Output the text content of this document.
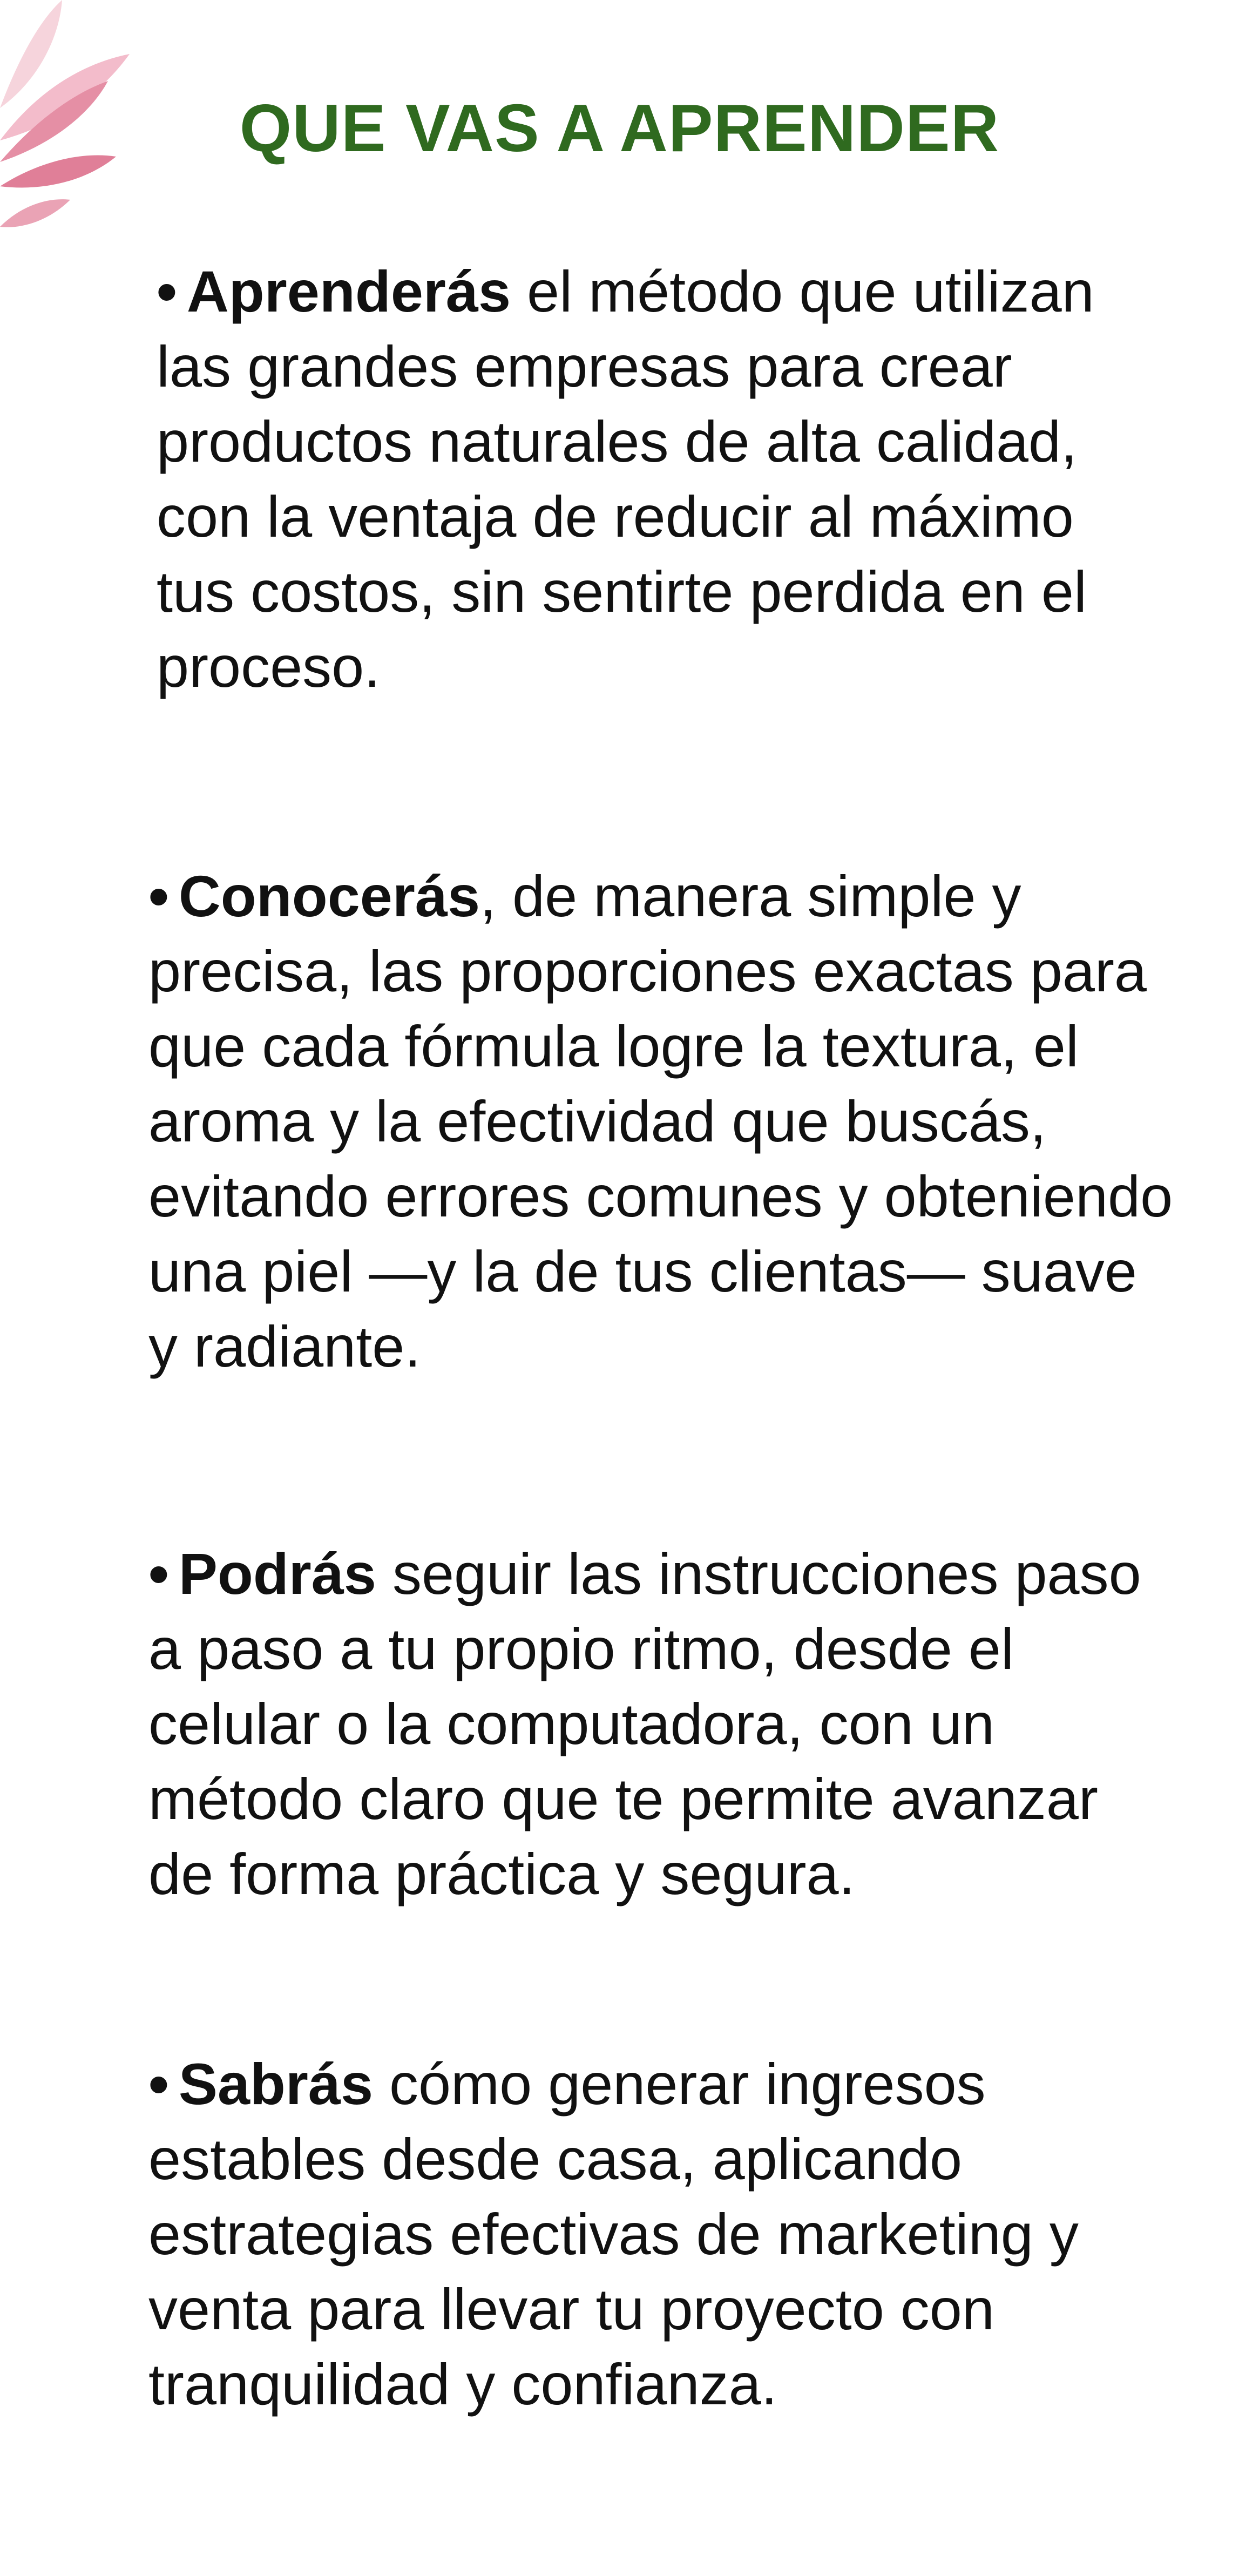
QUE VAS A APRENDER

• Aprenderás el método que utilizan las grandes empresas para crear productos naturales de alta calidad, con la ventaja de reducir al máximo tus costos, sin sentirte perdida en el proceso.

• Conocerás, de manera simple y precisa, las proporciones exactas para que cada fórmula logre la textura, el aroma y la efectividad que buscás, evitando errores comunes y obteniendo una piel —y la de tus clientas— suave y radiante.

• Podrás seguir las instrucciones paso a paso a tu propio ritmo, desde el celular o la computadora, con un método claro que te permite avanzar de forma práctica y segura.

• Sabrás cómo generar ingresos estables desde casa, aplicando estrategias efectivas de marketing y venta para llevar tu proyecto con tranquilidad y confianza.
